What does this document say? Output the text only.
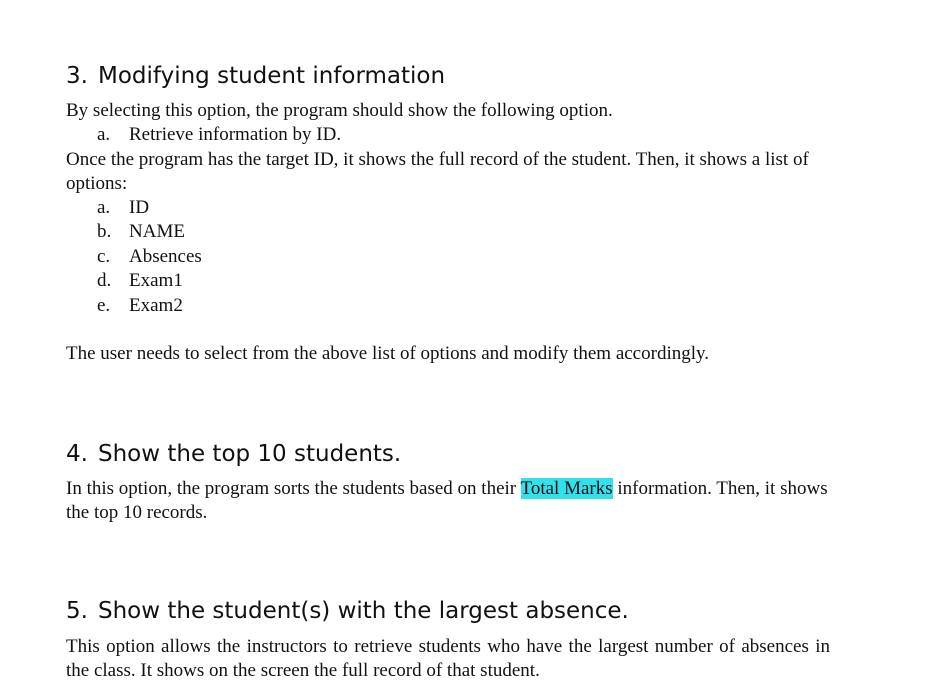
3. Modifying student information

By selecting this option, the program should show the following option.

a. Retrieve information by ID.

Once the program has the target ID, it shows the full record of the student. Then, it shows a list of options:

a. ID
b. NAME
c. Absences
d. Exam1
e. Exam2

The user needs to select from the above list of options and modify them accordingly.

4. Show the top 10 students.

In this option, the program sorts the students based on their Total Marks information. Then, it shows the top 10 records.

5. Show the student(s) with the largest absence.

This option allows the instructors to retrieve students who have the largest number of absences in the class. It shows on the screen the full record of that student.
